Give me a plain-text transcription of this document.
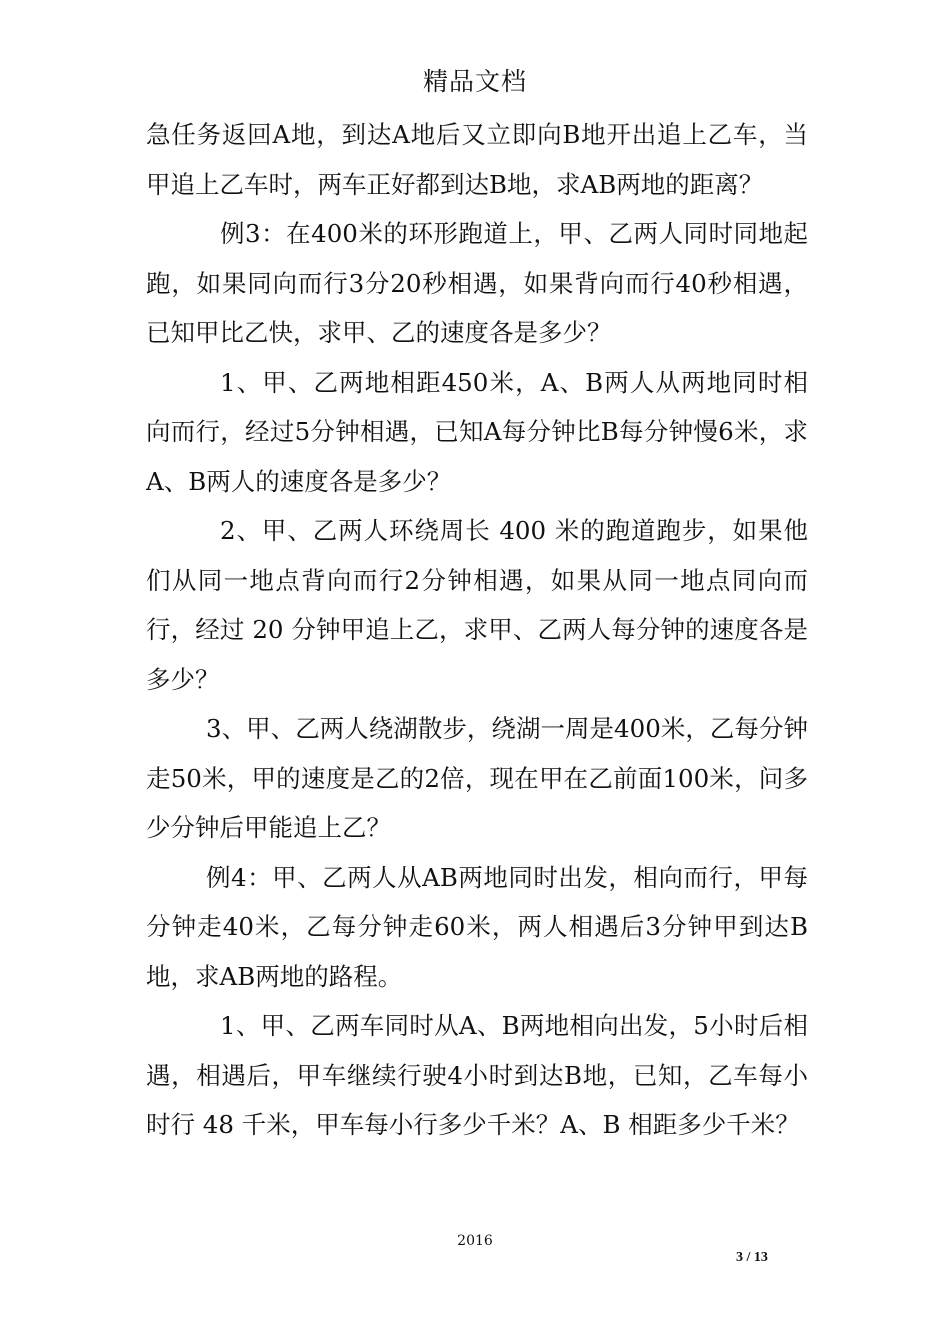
精品文档

急任务返回A地，到达A地后又立即向B地开出追上乙车，当甲追上乙车时，两车正好都到达B地，求AB两地的距离？

例3：在400米的环形跑道上，甲、乙两人同时同地起跑，如果同向而行3分20秒相遇，如果背向而行40秒相遇，已知甲比乙快，求甲、乙的速度各是多少？

1、甲、乙两地相距450米，A、B两人从两地同时相向而行，经过5分钟相遇，已知A每分钟比B每分钟慢6米，求A、B两人的速度各是多少？

2、甲、乙两人环绕周长 400 米的跑道跑步，如果他们从同一地点背向而行2分钟相遇，如果从同一地点同向而行，经过 20 分钟甲追上乙，求甲、乙两人每分钟的速度各是多少？

3、甲、乙两人绕湖散步，绕湖一周是400米，乙每分钟走50米，甲的速度是乙的2倍，现在甲在乙前面100米，问多少分钟后甲能追上乙？

例4：甲、乙两人从AB两地同时出发，相向而行，甲每分钟走40米，乙每分钟走60米，两人相遇后3分钟甲到达B地，求AB两地的路程。

1、甲、乙两车同时从A、B两地相向出发，5小时后相遇，相遇后，甲车继续行驶4小时到达B地，已知，乙车每小时行 48 千米，甲车每小行多少千米？A、B 相距多少千米？

2016
3 / 13
